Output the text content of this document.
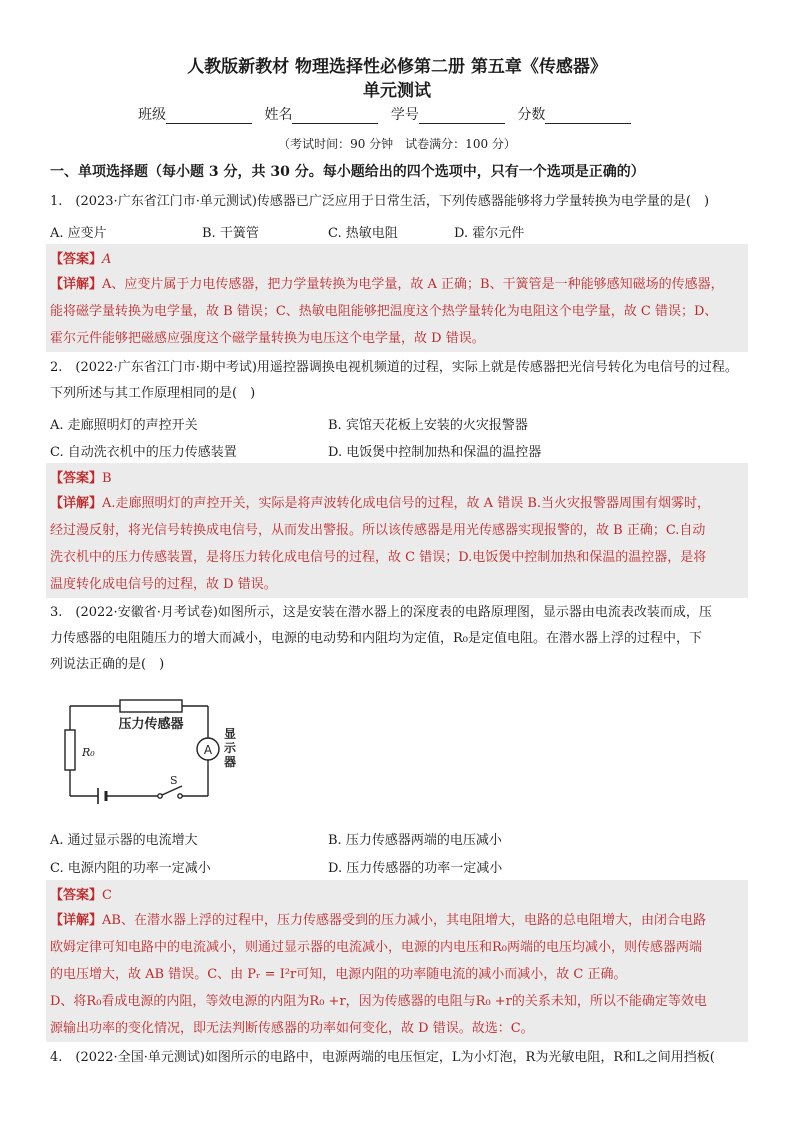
人教版新教材 物理选择性必修第二册 第五章《传感器》
单元测试
班级	姓名	学号	分数
（考试时间：90 分钟　试卷满分：100 分）
一、单项选择题（每小题 3 分，共 30 分。每小题给出的四个选项中，只有一个选项是正确的）
1.　(2023·广东省江门市·单元测试)传感器已广泛应用于日常生活，下列传感器能够将力学量转换为电学量的是(　)
A. 应变片	B. 干簧管	C. 热敏电阻	D. 霍尔元件
【答案】A
【详解】A、应变片属于力电传感器，把力学量转换为电学量，故 A 正确；B、干簧管是一种能够感知磁场的传感器，
能将磁学量转换为电学量，故 B 错误；C、热敏电阻能够把温度这个热学量转化为电阻这个电学量，故 C 错误；D、
霍尔元件能够把磁感应强度这个磁学量转换为电压这个电学量，故 D 错误。
2.　(2022·广东省江门市·期中考试)用遥控器调换电视机频道的过程，实际上就是传感器把光信号转化为电信号的过程。
下列所述与其工作原理相同的是(　)
A. 走廊照明灯的声控开关	B. 宾馆天花板上安装的火灾报警器
C. 自动洗衣机中的压力传感装置	D. 电饭煲中控制加热和保温的温控器
【答案】B
【详解】A.走廊照明灯的声控开关，实际是将声波转化成电信号的过程，故 A 错误 B.当火灾报警器周围有烟雾时，
经过漫反射，将光信号转换成电信号，从而发出警报。所以该传感器是用光传感器实现报警的，故 B 正确；C.自动
洗衣机中的压力传感装置，是将压力转化成电信号的过程，故 C 错误；D.电饭煲中控制加热和保温的温控器，是将
温度转化成电信号的过程，故 D 错误。
3.　(2022·安徽省·月考试卷)如图所示，这是安装在潜水器上的深度表的电路原理图，显示器由电流表改装而成，压
力传感器的电阻随压力的增大而减小，电源的电动势和内阻均为定值，R₀是定值电阻。在潜水器上浮的过程中，下
列说法正确的是(　)
压力传感器
R₀	A
S
显 示 器
A. 通过显示器的电流增大	B. 压力传感器两端的电压减小
C. 电源内阻的功率一定减小	D. 压力传感器的功率一定减小
【答案】C
【详解】AB、在潜水器上浮的过程中，压力传感器受到的压力减小，其电阻增大，电路的总电阻增大，由闭合电路
欧姆定律可知电路中的电流减小，则通过显示器的电流减小，电源的内电压和R₀两端的电压均减小，则传感器两端
的电压增大，故 AB 错误。C、由 Pᵣ = I²r可知，电源内阻的功率随电流的减小而减小，故 C 正确。
D、将R₀看成电源的内阻，等效电源的内阻为R₀ +r，因为传感器的电阻与R₀ +r的关系未知，所以不能确定等效电
源输出功率的变化情况，即无法判断传感器的功率如何变化，故 D 错误。故选：C。
4.　(2022·全国·单元测试)如图所示的电路中，电源两端的电压恒定，L为小灯泡，R为光敏电阻，R和L之间用挡板(
